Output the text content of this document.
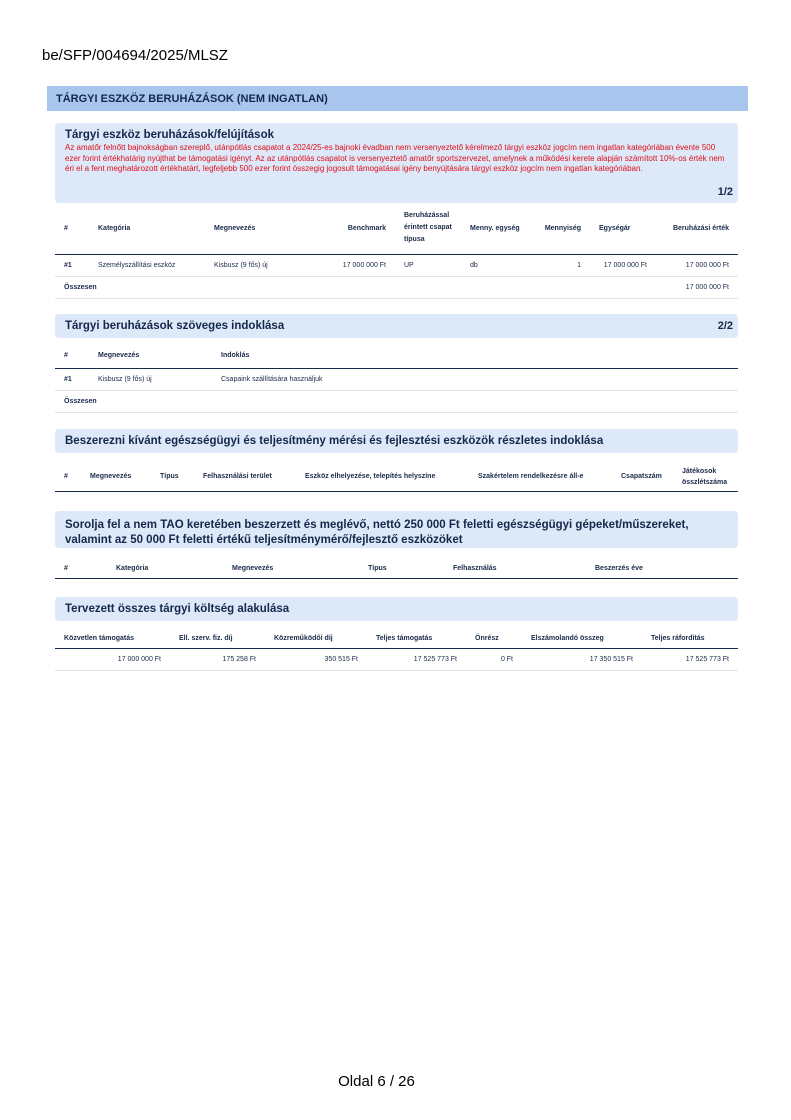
be/SFP/004694/2025/MLSZ
TÁRGYI ESZKÖZ BERUHÁZÁSOK (NEM INGATLAN)
Tárgyi eszköz beruházások/felújítások
Az amatőr felnőtt bajnokságban szereplő, utánpótlás csapatot a 2024/25-es bajnoki évadban nem versenyeztető kérelmező tárgyi eszköz jogcím nem ingatlan kategóriában évente 500 ezer forint értékhatárig nyújthat be támogatási igényt. Az az utánpótlás csapatot is versenyeztető amatőr sportszervezet, amelynek a működési kerete alapján számított 10%-os érték nem éri el a fent meghatározott értékhatárt, legfeljebb 500 ezer forint összegig jogosult támogatásai igény benyújtására tárgyi eszköz jogcím nem ingatlan kategóriában.
1/2
#	Kategória	Megnevezés	Benchmark	Beruházással érintett csapat típusa	Menny. egység	Mennyiség	Egységár	Beruházási érték
#1	Személyszállítási eszköz	Kisbusz (9 fős) új	17 000 000 Ft	UP	db	1	17 000 000 Ft	17 000 000 Ft
Összesen								17 000 000 Ft
Tárgyi beruházások szöveges indoklása	2/2
#	Megnevezés	Indoklás
#1	Kisbusz (9 fős) új	Csapaink szállítására használjuk
Összesen		
Beszerezni kívánt egészségügyi és teljesítmény mérési és fejlesztési eszközök részletes indoklása
#	Megnevezés	Típus	Felhasználási terület	Eszköz elhelyezése, telepítés helyszíne	Szakértelem rendelkezésre áll-e	Csapatszám	Játékosok összlétszáma
Sorolja fel a nem TAO keretében beszerzett és meglévő, nettó 250 000 Ft feletti egészségügyi gépeket/műszereket, valamint az 50 000 Ft feletti értékű teljesítménymérő/fejlesztő eszközöket
#	Kategória	Megnevezés	Típus	Felhasználás	Beszerzés éve
Tervezett összes tárgyi költség alakulása
Közvetlen támogatás	Ell. szerv. fiz. díj	Közreműködői díj	Teljes támogatás	Önrész	Elszámolandó összeg	Teljes ráfordítás
17 000 000 Ft	175 258 Ft	350 515 Ft	17 525 773 Ft	0 Ft	17 350 515 Ft	17 525 773 Ft
Oldal 6 / 26
